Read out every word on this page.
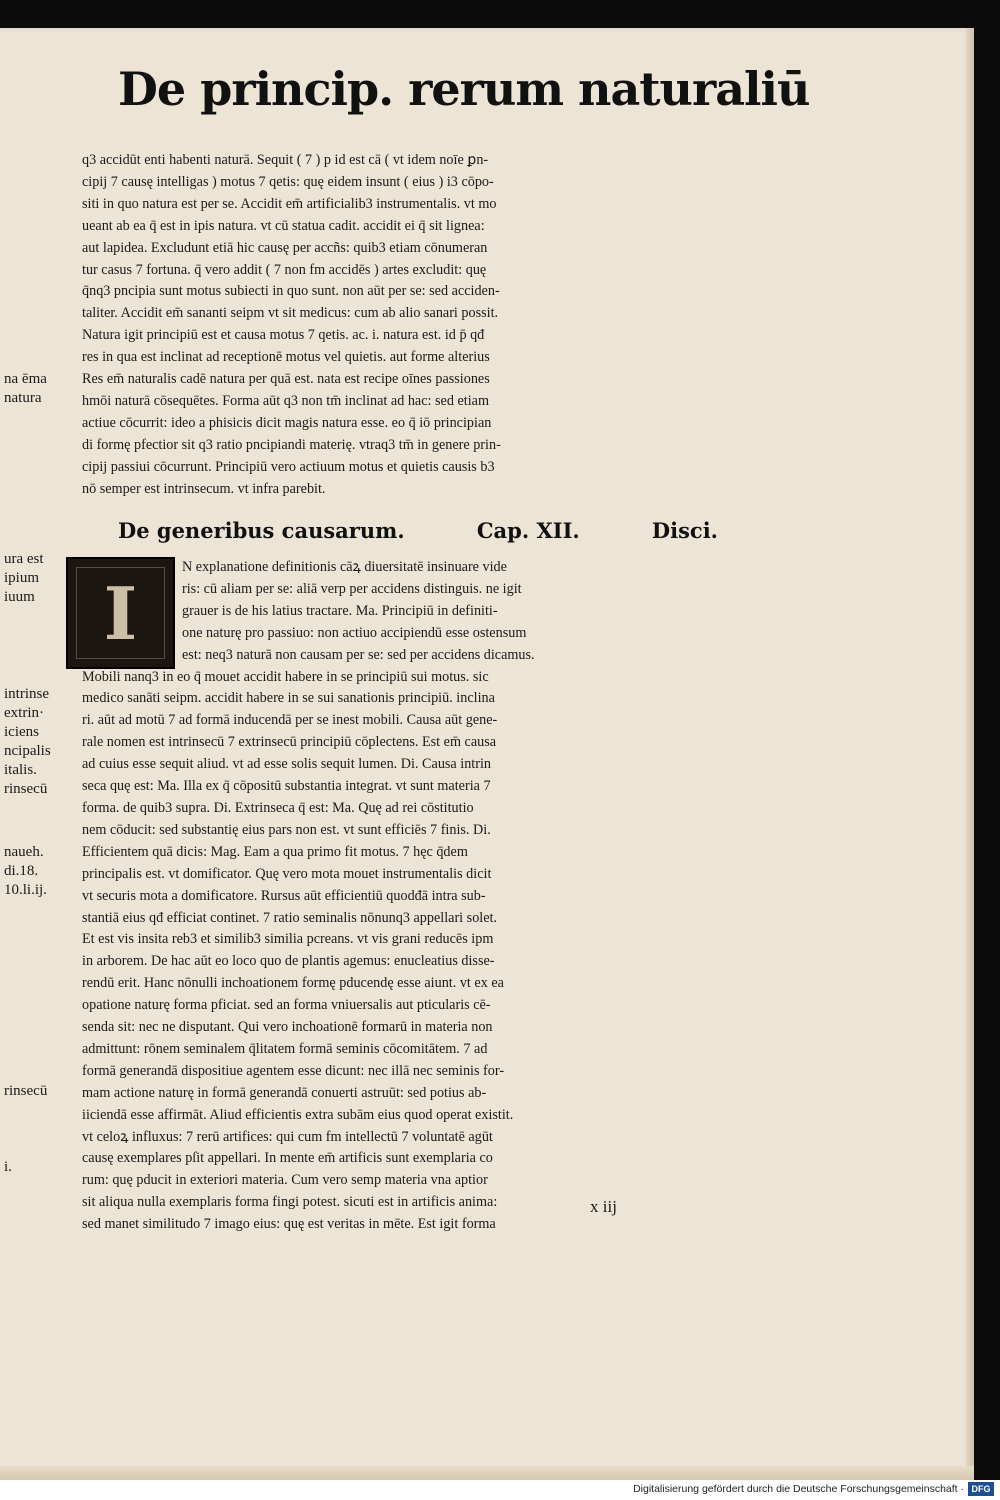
De princip. rerum naturaliū
q3 accidūt enti habenti naturā. Sequit ( 7 ) p id est cā ( vt idem noīe ꝑn-
cipij 7 causę intelligas ) motus 7 qetis: quę eidem insunt ( eius ) i3 cōpo-
siti in quo natura est per se. Accidit em̄ artificialib3 instrumentalis. vt mo
ueant ab ea q̄ est in ipis natura. vt cū statua cadit. accidit ei q̄ sit lignea:
aut lapidea. Excludunt etiā hic causę per accñs: quib3 etiam cōnumeran
tur casus 7 fortuna. q̄ vero addit ( 7 non fm accidēs ) artes excludit: quę
q̄nq3 pncipia sunt motus subiecti in quo sunt. non aūt per se: sed acciden-
taliter. Accidit em̄ sananti seipm vt sit medicus: cum ab alio sanari possit.
Natura igit principiū est et causa motus 7 qetis. ac. i. natura est. id p̄ qđ
res in qua est inclinat ad receptionē motus vel quietis. aut forme alterius
Res em̄ naturalis cadē natura per quā est. nata est recipe oīnes passiones
hmōi naturā cōsequētes. Forma aūt q3 non tm̄ inclinat ad hac: sed etiam
actiue cōcurrit: ideo a phisicis dicit magis natura esse. eo q̄ iō principian
di formę pfectior sit q3 ratio pncipiandi materię. vtraq3 tm̄ in genere prin-
cipij passiui cōcurrunt. Principiū vero actiuum motus et quietis causis b3
nō semper est intrinsecum. vt infra parebit.
De generibus causarum.	Cap. XII.	Disci.
I
N explanatione definitionis cāꝝ diuersitatē insinuare vide
ris: cū aliam per se: aliā verp per accidens distinguis. ne igit
grauer is de his latius tractare. Ma. Principiū in definiti-
one naturę pro passiuo: non actiuo accipiendū esse ostensum
est: neq3 naturā non causam per se: sed per accidens dicamus.
Mobili nanq3 in eo q̄ mouet accidit habere in se principiū sui motus. sic
medico sanāti seipm. accidit habere in se sui sanationis principiū. inclina
ri. aūt ad motū 7 ad formā inducendā per se inest mobili. Causa aūt gene-
rale nomen est intrinsecū 7 extrinsecū principiū cōplectens. Est em̄ causa
ad cuius esse sequit aliud. vt ad esse solis sequit lumen. Di. Causa intrin
seca quę est: Ma. Illa ex q̄ cōpositū substantia integrat. vt sunt materia 7
forma. de quib3 supra. Di. Extrinseca q̄ est: Ma. Quę ad rei cōstitutio
nem cōducit: sed substantię eius pars non est. vt sunt efficiēs 7 finis. Di.
Efficientem quā dicis: Mag. Eam a qua primo fit motus. 7 hęc q̄dem
principalis est. vt domificator. Quę vero mota mouet instrumentalis dicit
vt securis mota a domificatore. Rursus aūt efficientiū quodđā intra sub-
stantiā eius qđ efficiat continet. 7 ratio seminalis nōnunq3 appellari solet.
Et est vis insita reb3 et similib3 similia pcreans. vt vis grani reducēs ipm
in arborem. De hac aūt eo loco quo de plantis agemus: enucleatius disse-
rendū erit. Hanc nōnulli inchoationem formę pducendę esse aiunt. vt ex ea
opatione naturę forma pficiat. sed an forma vniuersalis aut pticularis cē-
senda sit: nec ne disputant. Qui vero inchoationē formarū in materia non
admittunt: rōnem seminalem q̄litatem formā seminis cōcomitātem. 7 ad
formā generandā dispositiue agentem esse dicunt: nec illā nec seminis for-
mam actione naturę in formā generandā conuerti astruūt: sed potius ab-
iiciendā esse affirmāt. Aliud efficientis extra subām eius quod operat existit.
vt celoꝝ influxus: 7 rerū artifices: qui cum fm intellectū 7 voluntatē agūt
causę exemplares pſit appellari. In mente em̄ artificis sunt exemplaria co
rum: quę pducit in exteriori materia. Cum vero semp materia vna aptior
sit aliqua nulla exemplaris forma fingi potest. sicuti est in artificis anima:
sed manet similitudo 7 imago eius: quę est veritas in mēte. Est igit forma
na ēma
natura
ura est
ipium
iuum
intrinse
extrin·
iciens
ncipalis
italis.
rinsecū
naueh.
di.18.
10.li.ij.
rinsecū
i.
x iij
Digitalisierung gefördert durch die Deutsche Forschungsgemeinschaft · DFG
